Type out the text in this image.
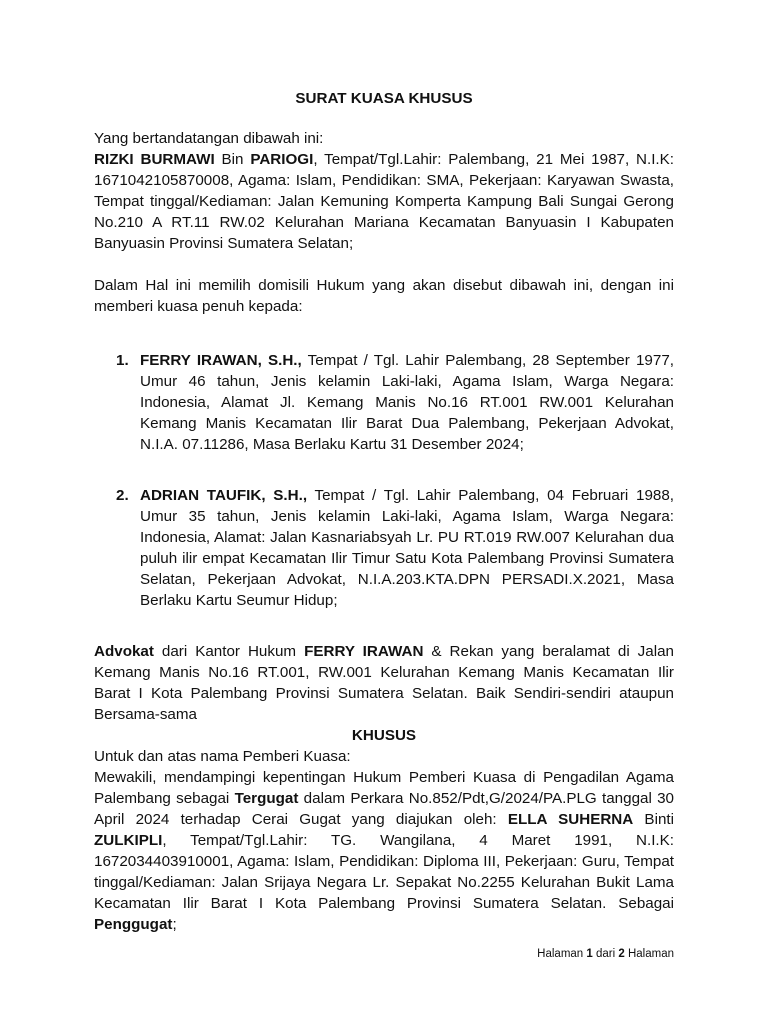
SURAT KUASA KHUSUS

Yang bertandatangan dibawah ini:

RIZKI BURMAWI Bin PARIOGI, Tempat/Tgl.Lahir: Palembang, 21 Mei 1987, N.I.K: 1671042105870008, Agama: Islam, Pendidikan: SMA, Pekerjaan: Karyawan Swasta, Tempat tinggal/Kediaman: Jalan Kemuning Komperta Kampung Bali Sungai Gerong No.210 A RT.11 RW.02 Kelurahan Mariana Kecamatan Banyuasin I Kabupaten Banyuasin Provinsi Sumatera Selatan;

Dalam Hal ini memilih domisili Hukum yang akan disebut dibawah ini, dengan ini memberi kuasa penuh kepada:

1. FERRY IRAWAN, S.H., Tempat / Tgl. Lahir Palembang, 28 September 1977, Umur 46 tahun, Jenis kelamin Laki-laki, Agama Islam, Warga Negara: Indonesia, Alamat Jl. Kemang Manis No.16 RT.001 RW.001 Kelurahan Kemang Manis Kecamatan Ilir Barat Dua Palembang, Pekerjaan Advokat, N.I.A. 07.11286, Masa Berlaku Kartu 31 Desember 2024;
2. ADRIAN TAUFIK, S.H., Tempat / Tgl. Lahir Palembang, 04 Februari 1988, Umur 35 tahun, Jenis kelamin Laki-laki, Agama Islam, Warga Negara: Indonesia, Alamat: Jalan Kasnariabsyah Lr. PU RT.019 RW.007 Kelurahan dua puluh ilir empat Kecamatan Ilir Timur Satu Kota Palembang Provinsi Sumatera Selatan, Pekerjaan Advokat, N.I.A.203.KTA.DPN PERSADI.X.2021, Masa Berlaku Kartu Seumur Hidup;

Advokat dari Kantor Hukum FERRY IRAWAN & Rekan yang beralamat di Jalan Kemang Manis No.16 RT.001, RW.001 Kelurahan Kemang Manis Kecamatan Ilir Barat I Kota Palembang Provinsi Sumatera Selatan. Baik Sendiri-sendiri ataupun Bersama-sama

KHUSUS

Untuk dan atas nama Pemberi Kuasa:

Mewakili, mendampingi kepentingan Hukum Pemberi Kuasa di Pengadilan Agama Palembang sebagai Tergugat dalam Perkara No.852/Pdt,G/2024/PA.PLG tanggal 30 April 2024 terhadap Cerai Gugat yang diajukan oleh: ELLA SUHERNA Binti ZULKIPLI, Tempat/Tgl.Lahir: TG. Wangilana, 4 Maret 1991, N.I.K: 1672034403910001, Agama: Islam, Pendidikan: Diploma III, Pekerjaan: Guru, Tempat tinggal/Kediaman: Jalan Srijaya Negara Lr. Sepakat No.2255 Kelurahan Bukit Lama Kecamatan Ilir Barat I Kota Palembang Provinsi Sumatera Selatan. Sebagai Penggugat;

Halaman 1 dari 2 Halaman
